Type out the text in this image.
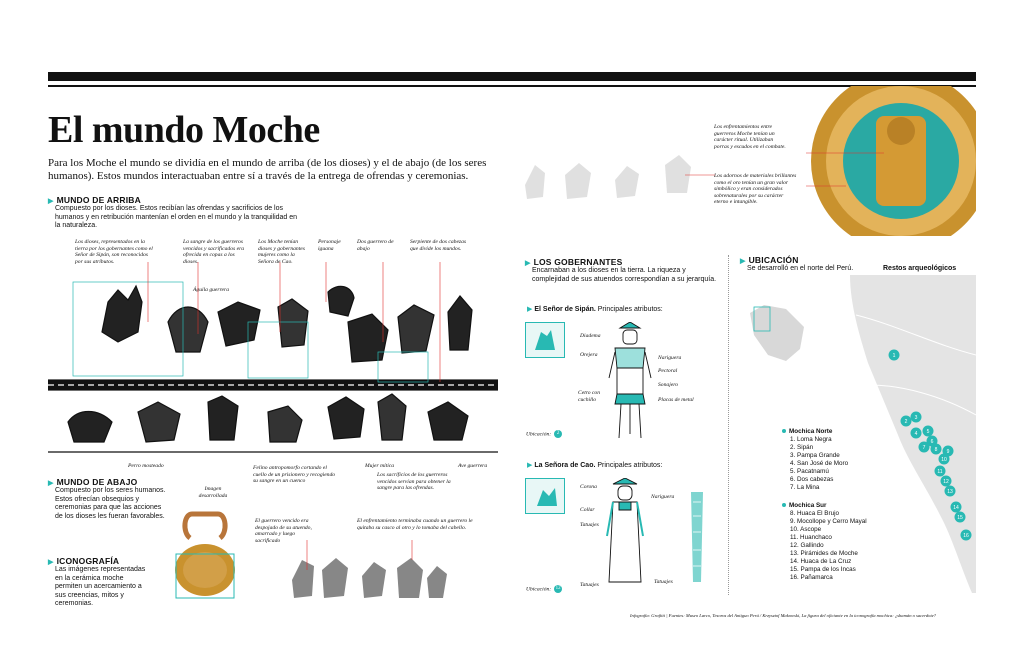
El mundo Moche
Para los Moche el mundo se dividía en el mundo de arriba (de los dioses) y el de abajo (de los seres humanos). Estos mundos interactuaban entre sí a través de la entrega de ofrendas y ceremonias.
▶ MUNDO DE ARRIBA
Compuesto por los dioses. Estos recibían las ofrendas y sacrificios de los humanos y en retribución mantenían el orden en el mundo y la tranquilidad en la naturaleza.
Los dioses, representados en la tierra por los gobernantes como el Señor de Sipán, son reconocidos por sus atributos.
La sangre de los guerreros vencidos y sacrificados era ofrecida en copas a los dioses.
Los Moche tenían dioses y gobernantes mujeres como la Señora de Cao.
Personaje iguana
Dos guerrero de abajo
Serpiente de dos cabezas que divide los mundos.
Águila guerrera
Perro mosteado	Felino antropomorfo cortando el cuello de un prisionero y recogiendo su sangre en un cuenco
Mujer mítica
Los sacrificios de los guerreros vencidos servían para obtener la sangre para las ofrendas.
Ave guerrera
▶ MUNDO DE ABAJO
Compuesto por los seres humanos. Estos ofrecían obsequios y ceremonias para que las acciones de los dioses les fueran favorables.
Imagen desarrollada
▶ ICONOGRAFÍA
Las imágenes representadas en la cerámica moche permiten un acercamiento a sus creencias, mitos y ceremonias.
El guerrero vencido era despojado de su atuendo, amarrado y luego sacrificado
El enfrentamiento terminaba cuando un guerrero le quitaba su casco al otro y lo tomaba del cabello.
Los enfrentamientos entre guerreros Moche tenían un carácter ritual. Utilizaban porras y escudos en el combate.
Los adornos de materiales brillantes como el oro tenían un gran valor simbólico y eran considerados sobrenaturales por su carácter eterno e intangible.
▶ LOS GOBERNANTES
Encarnaban a los dioses en la tierra. La riqueza y complejidad de sus atuendos correspondían a su jerarquía.
▶ El Señor de Sipán. Principales atributos:
Diadema
Orejera	Nariguera
Pectoral
Sonajero
Cetro con cuchillo	Placas de metal
Ubicación: 2
▶ La Señora de Cao. Principales atributos:
Corona
Nariguera
Collar
Tatuajes
Tatuajes	Tatuajes
Ubicación: 12
▶ UBICACIÓN
Se desarrolló en el norte del Perú.	Restos arqueológicos
1
2
3
4 5
6
7 8 9
10
11
12
13
14
15
16
Mochica Norte
1. Loma Negra
2. Sipán
3. Pampa Grande
4. San José de Moro
5. Pacatnamú
6. Dos cabezas
7. La Mina
Mochica Sur
8. Huaca El Brujo
9. Mocollope y Cerro Mayal
10. Ascope
11. Huanchaco
12. Gallindo
13. Pirámides de Moche
14. Huaca de La Cruz
15. Pampa de los Incas
16. Pañamarca
Infografía: Grafitti | Fuentes: Museo Larco, Tesoros del Antiguo Perú / Krzysztof Makowski, La figura del oficiante en la iconografía mochica: ¿shamán o sacerdote?
